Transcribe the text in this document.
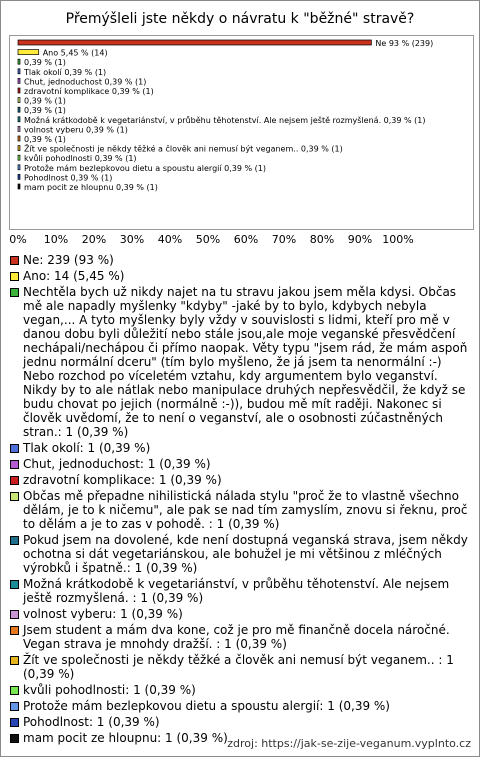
Přemýšleli jste někdy o návratu k "běžné" stravě?
Ne 93 % (239)
Ano 5,45 % (14)
0,39 % (1)
Tlak okolí 0,39 % (1)
Chut, jednoduchost 0,39 % (1)
zdravotní komplikace 0,39 % (1)
0,39 % (1)
0,39 % (1)
Možná krátkodobě k vegetariánství, v průběhu těhotenství. Ale nejsem ještě rozmyšlená. 0,39 % (1)
volnost vyberu 0,39 % (1)
0,39 % (1)
Žít ve společnosti je někdy těžké a člověk ani nemusí být veganem.. 0,39 % (1)
kvůli pohodlnosti 0,39 % (1)
Protože mám bezlepkovou dietu a spoustu alergií 0,39 % (1)
Pohodlnost 0,39 % (1)
mam pocit ze hloupnu 0,39 % (1)
0% 10% 20% 30% 40% 50% 60% 70% 80% 90% 100%
Ne: 239 (93 %)
Ano: 14 (5,45 %)
Nechtěla bych už nikdy najet na tu stravu jakou jsem měla kdysi. Občas mě ale napadly myšlenky "kdyby" -jaké by to bylo, kdybych nebyla vegan,... A tyto myšlenky byly vždy v souvislosti s lidmi, kteří pro mě v danou dobu byli důležití nebo stále jsou,ale moje veganské přesvědčení nechápali/nechápou či přímo naopak. Věty typu "jsem rád, že mám aspoň jednu normální dceru" (tím bylo myšleno, že já jsem ta nenormální :-) Nebo rozchod po víceletém vztahu, kdy argumentem bylo veganství. Nikdy by to ale nátlak nebo manipulace druhých nepřesvědčil, že když se budu chovat po jejich (normálně :-)), budou mě mít raději. Nakonec si člověk uvědomí, že to není o veganství, ale o osobnosti zúčastněných stran.: 1 (0,39 %)
Tlak okolí: 1 (0,39 %)
Chut, jednoduchost: 1 (0,39 %)
zdravotní komplikace: 1 (0,39 %)
Občas mě přepadne nihilistická nálada stylu "proč že to vlastně všechno dělám, je to k ničemu", ale pak se nad tím zamyslím, znovu si řeknu, proč to dělám a je to zas v pohodě. : 1 (0,39 %)
Pokud jsem na dovolené, kde není dostupná veganská strava, jsem někdy ochotna si dát vegetariánskou, ale bohužel je mi většinou z mléčných výrobků i špatně.: 1 (0,39 %)
Možná krátkodobě k vegetariánství, v průběhu těhotenství. Ale nejsem ještě rozmyšlená. : 1 (0,39 %)
volnost vyberu: 1 (0,39 %)
Jsem student a mám dva kone, což je pro mě finančně docela náročné. Vegan strava je mnohdy dražší. : 1 (0,39 %)
Žít ve společnosti je někdy těžké a člověk ani nemusí být veganem.. : 1 (0,39 %)
kvůli pohodlnosti: 1 (0,39 %)
Protože mám bezlepkovou dietu a spoustu alergií: 1 (0,39 %)
Pohodlnost: 1 (0,39 %)
mam pocit ze hloupnu: 1 (0,39 %) zdroj: https://jak-se-zije-veganum.vyplnto.cz
